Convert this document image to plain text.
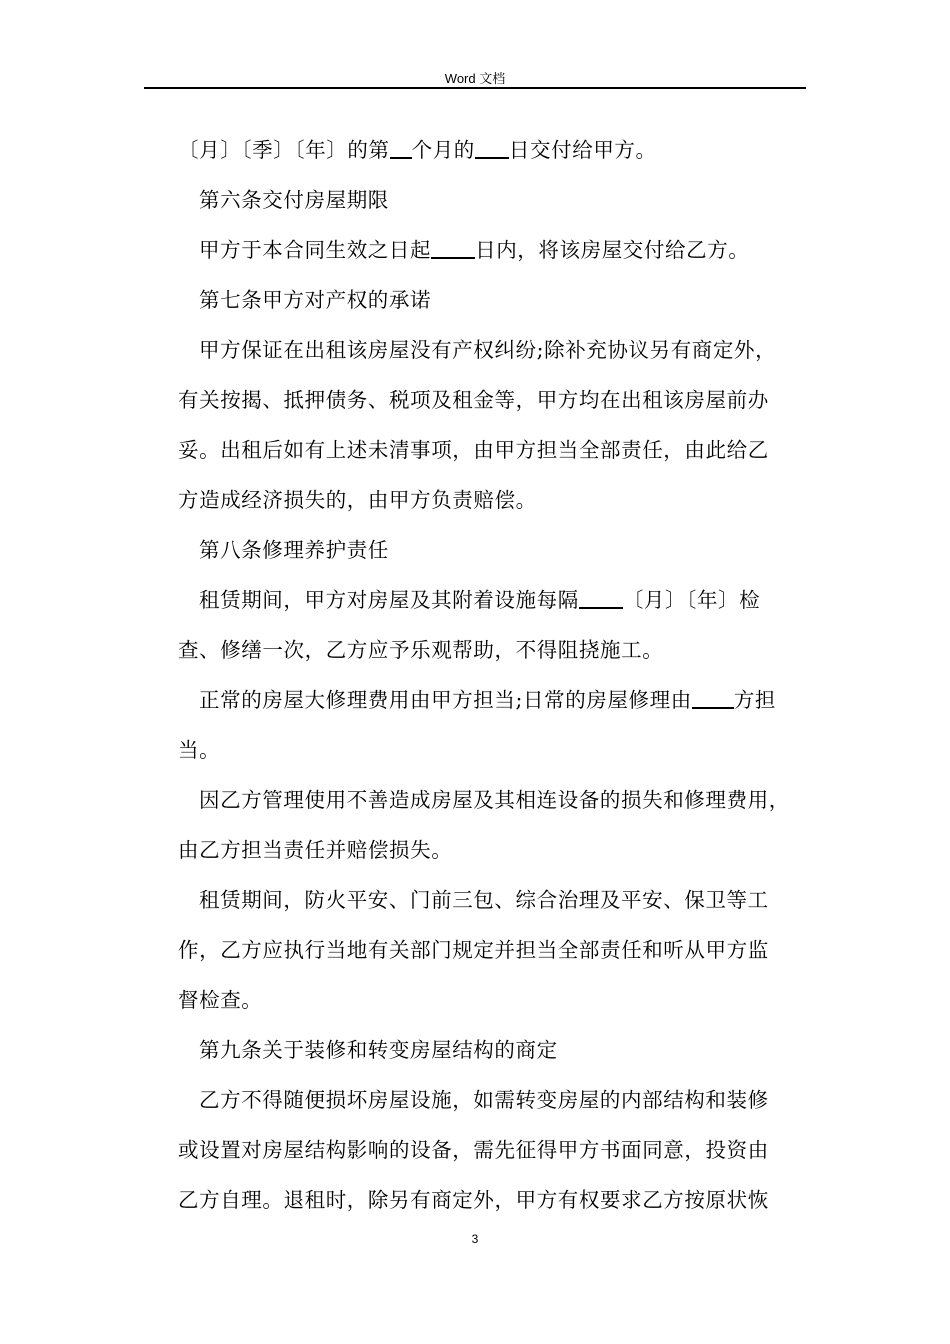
Word 文档
〔月〕〔季〕〔年〕的第 个月的 日交付给甲方。
第六条交付房屋期限
甲方于本合同生效之日起 日内，将该房屋交付给乙方。
第七条甲方对产权的承诺
甲方保证在出租该房屋没有产权纠纷;除补充协议另有商定外，
有关按揭、抵押债务、税项及租金等，甲方均在出租该房屋前办
妥。出租后如有上述未清事项，由甲方担当全部责任，由此给乙
方造成经济损失的，由甲方负责赔偿。
第八条修理养护责任
租赁期间，甲方对房屋及其附着设施每隔 〔月〕〔年〕检
查、修缮一次，乙方应予乐观帮助，不得阻挠施工。
正常的房屋大修理费用由甲方担当;日常的房屋修理由 方担
当。
因乙方管理使用不善造成房屋及其相连设备的损失和修理费用，
由乙方担当责任并赔偿损失。
租赁期间，防火平安、门前三包、综合治理及平安、保卫等工
作，乙方应执行当地有关部门规定并担当全部责任和听从甲方监
督检查。
第九条关于装修和转变房屋结构的商定
乙方不得随便损坏房屋设施，如需转变房屋的内部结构和装修
或设置对房屋结构影响的设备，需先征得甲方书面同意，投资由
乙方自理。退租时，除另有商定外，甲方有权要求乙方按原状恢
3
